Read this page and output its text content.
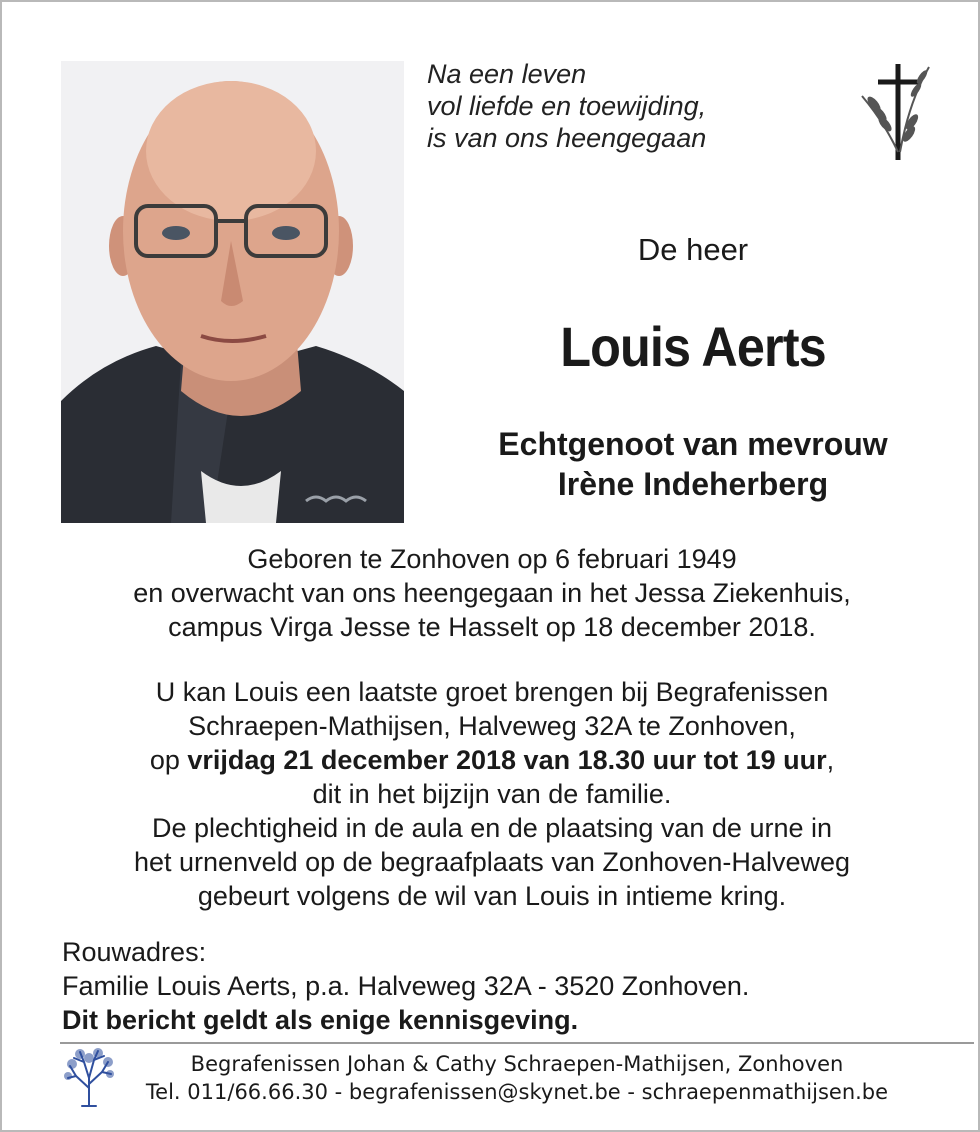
Na een leven
vol liefde en toewijding,
is van ons heengegaan
De heer
Louis Aerts
Echtgenoot van mevrouw
Irène Indeherberg
Geboren te Zonhoven op 6 februari 1949
en overwacht van ons heengegaan in het Jessa Ziekenhuis,
campus Virga Jesse te Hasselt op 18 december 2018.
U kan Louis een laatste groet brengen bij Begrafenissen
Schraepen-Mathijsen, Halveweg 32A te Zonhoven,
op vrijdag 21 december 2018 van 18.30 uur tot 19 uur,
dit in het bijzijn van de familie.
De plechtigheid in de aula en de plaatsing van de urne in
het urnenveld op de begraafplaats van Zonhoven-Halveweg
gebeurt volgens de wil van Louis in intieme kring.
Rouwadres:
Familie Louis Aerts, p.a. Halveweg 32A - 3520 Zonhoven.
Dit bericht geldt als enige kennisgeving.
Begrafenissen Johan & Cathy Schraepen-Mathijsen, Zonhoven
Tel. 011/66.66.30 - begrafenissen@skynet.be - schraepenmathijsen.be
